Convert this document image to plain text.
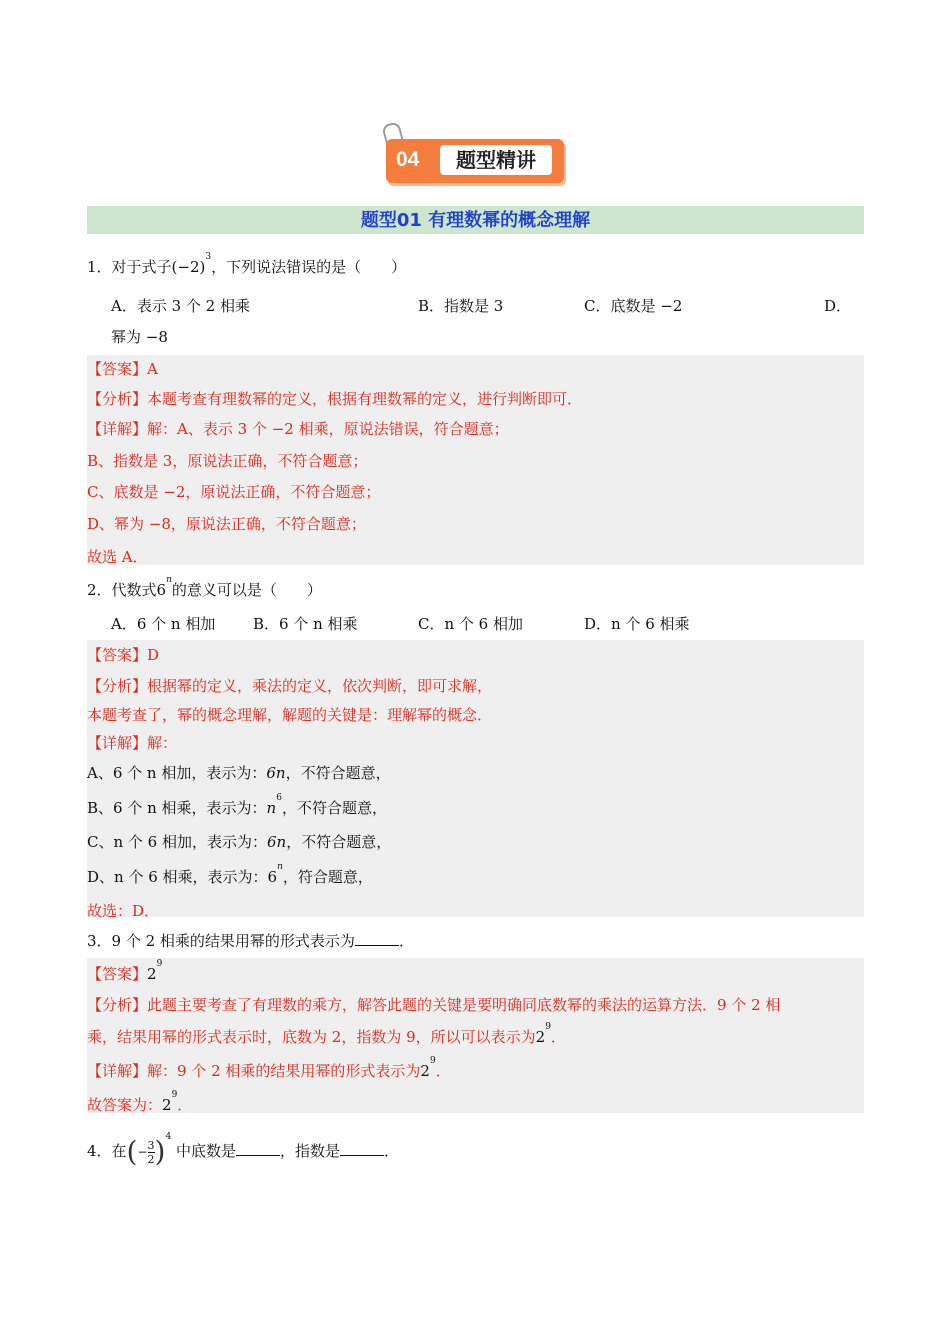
04	题型精讲
题型01 有理数幂的概念理解
1．对于式子$(-2)^3$，下列说法错误的是（　　）
A．表示 3 个 2 相乘	B．指数是 3	C．底数是 −2	D．
幂为 −8
【答案】A
【分析】本题考查有理数幂的定义，根据有理数幂的定义，进行判断即可．
【详解】解：A、表示 3 个 −2 相乘，原说法错误，符合题意；
B、指数是 3，原说法正确，不符合题意；
C、底数是 −2，原说法正确，不符合题意；
D、幂为 −8，原说法正确，不符合题意；
故选 A．
2．代数式6$^n$的意义可以是（　　）
A．6 个 n 相加	B．6 个 n 相乘	C．n 个 6 相加	D．n 个 6 相乘
【答案】D
【分析】根据幂的定义，乘法的定义，依次判断，即可求解，
本题考查了，幂的概念理解，解题的关键是：理解幂的概念．
【详解】解：
A、6 个 n 相加，表示为：6n，不符合题意，
B、6 个 n 相乘，表示为：$n^6$，不符合题意，
C、n 个 6 相加，表示为：6n，不符合题意，
D、n 个 6 相乘，表示为：6$^n$，符合题意，
故选：D．
3．9 个 2 相乘的结果用幂的形式表示为	．
【答案】$2^9$
【分析】此题主要考查了有理数的乘方，解答此题的关键是要明确同底数幂的乘法的运算方法．9 个 2 相
乘，结果用幂的形式表示时，底数为 2，指数为 9，所以可以表示为$2^9$．
【详解】解：9 个 2 相乘的结果用幂的形式表示为$2^9$．
故答案为：$2^9$．
4．在(− $\frac{3}{2})^4$ 中底数是	，指数是	．
